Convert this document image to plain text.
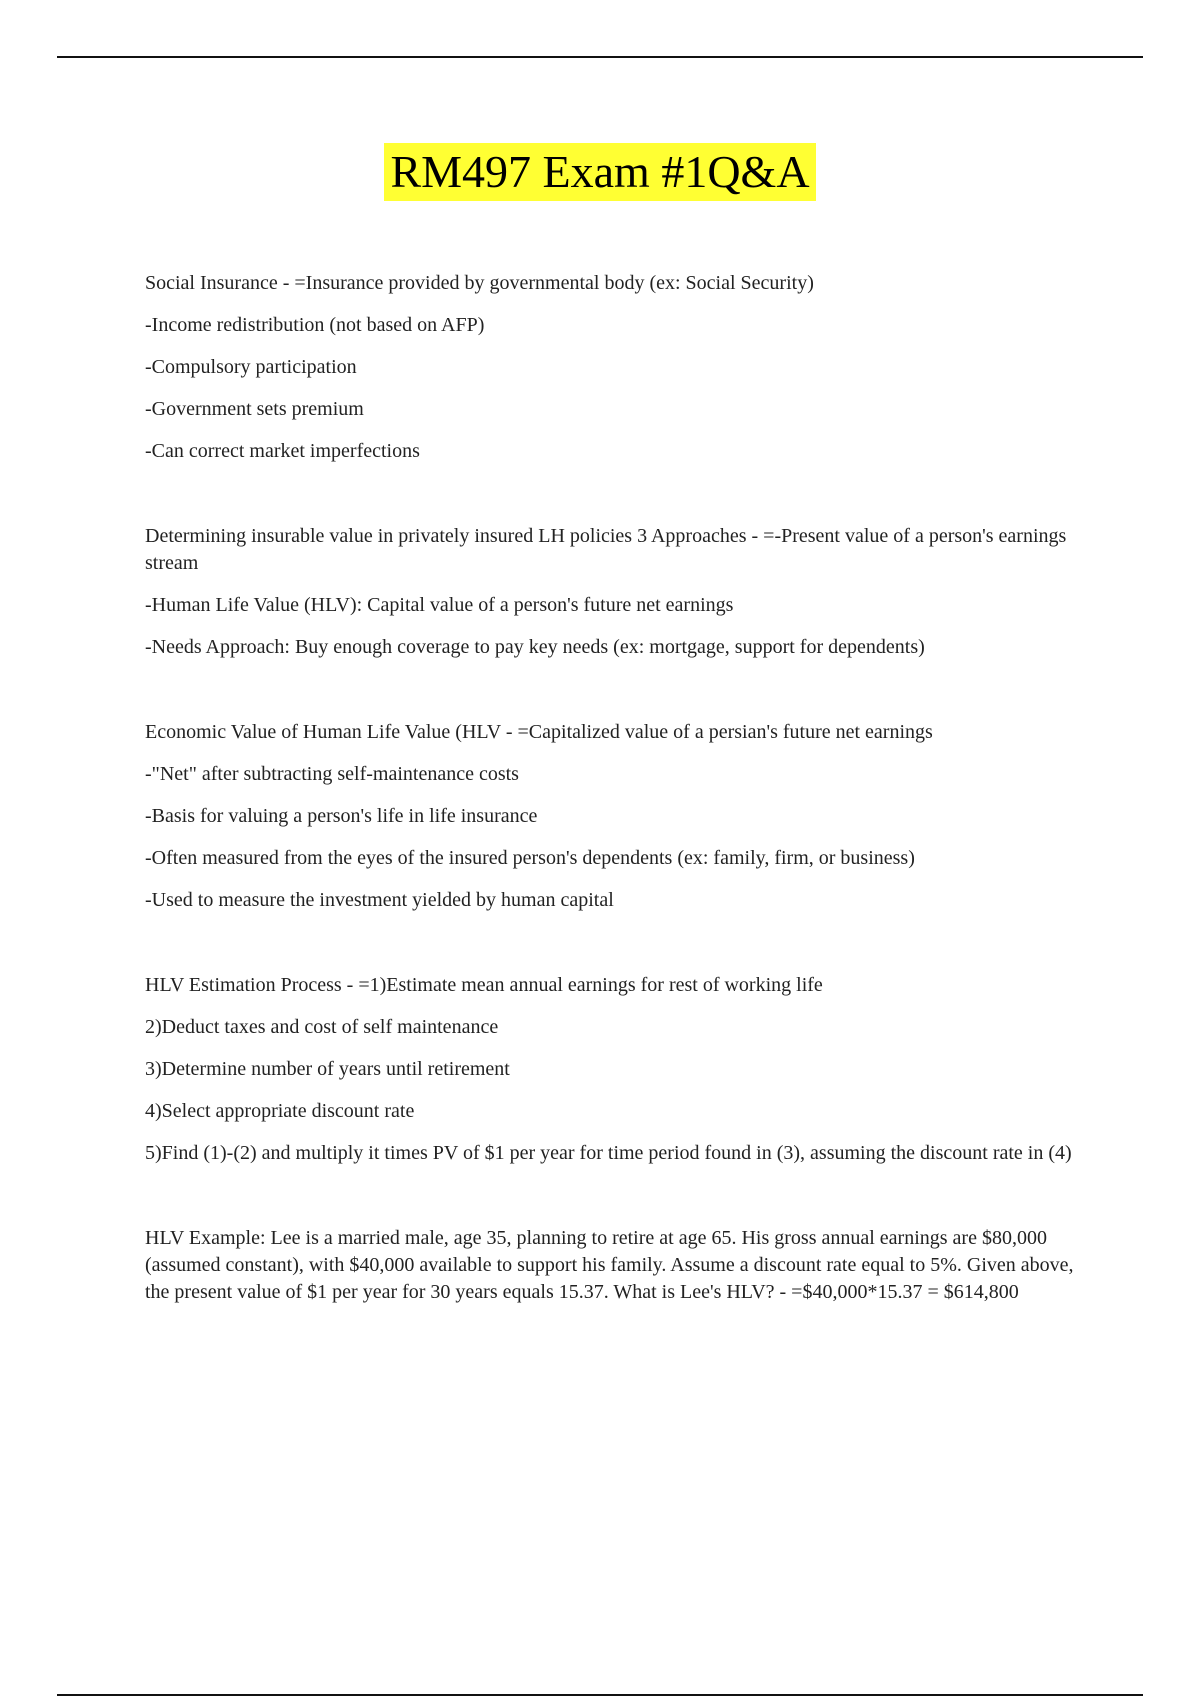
RM497 Exam #1Q&A

Social Insurance - =Insurance provided by governmental body (ex: Social Security)

-Income redistribution (not based on AFP)

-Compulsory participation

-Government sets premium

-Can correct market imperfections

Determining insurable value in privately insured LH policies 3 Approaches - =-Present value of a person's earnings stream

-Human Life Value (HLV): Capital value of a person's future net earnings

-Needs Approach: Buy enough coverage to pay key needs (ex: mortgage, support for dependents)

Economic Value of Human Life Value (HLV - =Capitalized value of a persian's future net earnings

-"Net" after subtracting self-maintenance costs

-Basis for valuing a person's life in life insurance

-Often measured from the eyes of the insured person's dependents (ex: family, firm, or business)

-Used to measure the investment yielded by human capital

HLV Estimation Process - =1)Estimate mean annual earnings for rest of working life

2)Deduct taxes and cost of self maintenance

3)Determine number of years until retirement

4)Select appropriate discount rate

5)Find (1)-(2) and multiply it times PV of $1 per year for time period found in (3), assuming the discount rate in (4)

HLV Example: Lee is a married male, age 35, planning to retire at age 65. His gross annual earnings are $80,000 (assumed constant), with $40,000 available to support his family. Assume a discount rate equal to 5%. Given above, the present value of $1 per year for 30 years equals 15.37. What is Lee's HLV? - =$40,000*15.37 = $614,800
